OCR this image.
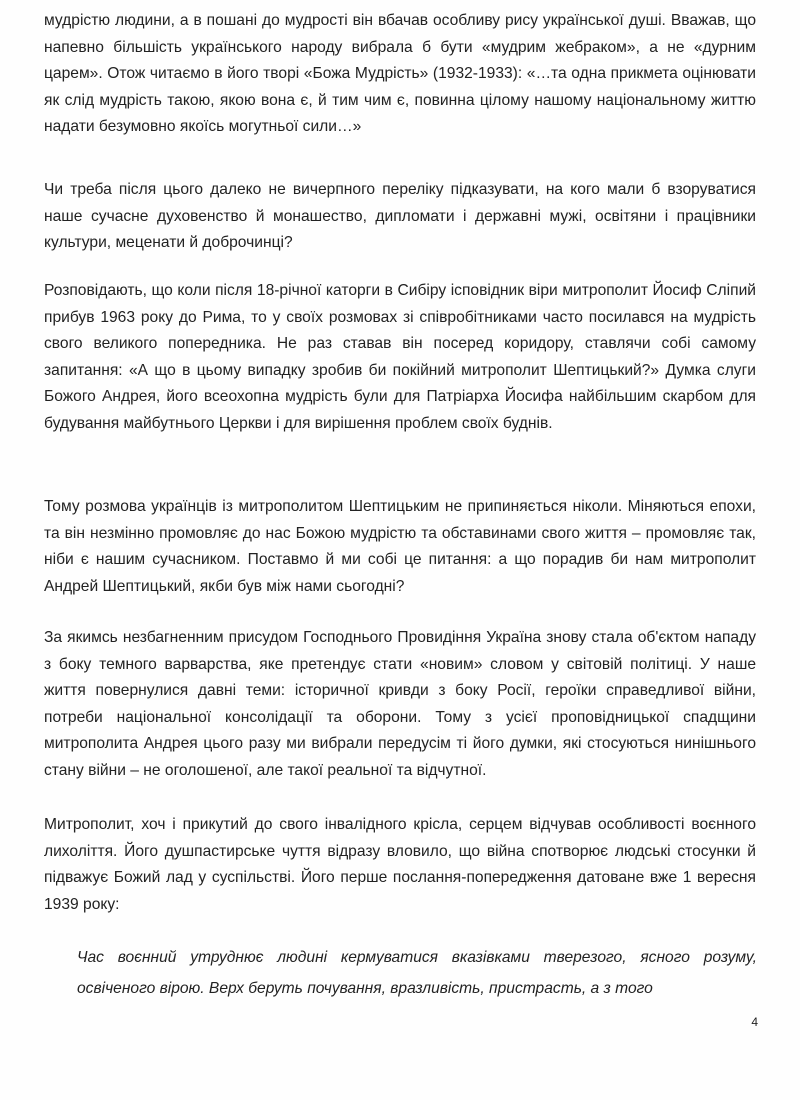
мудрістю людини, а в пошані до мудрості він вбачав особливу рису української душі. Вважав, що напевно більшість українського народу вибрала б бути «мудрим жебраком», а не «дурним царем». Отож читаємо в його творі «Божа Мудрість» (1932-1933): «…та одна прикмета оцінювати як слід мудрість такою, якою вона є, й тим чим є, повинна цілому нашому національному життю надати безумовно якоїсь могутньої сили…»

Чи треба після цього далеко не вичерпного переліку підказувати, на кого мали б взоруватися наше сучасне духовенство й монашество, дипломати і державні мужі, освітяни і працівники культури, меценати й доброчинці?

Розповідають, що коли після 18-річної каторги в Сибіру ісповідник віри митрополит Йосиф Сліпий прибув 1963 року до Рима, то у своїх розмовах зі співробітниками часто посилався на мудрість свого великого попередника. Не раз ставав він посеред коридору, ставлячи собі самому запитання: «А що в цьому випадку зробив би покійний митрополит Шептицький?» Думка слуги Божого Андрея, його всеохопна мудрість були для Патріарха Йосифа найбільшим скарбом для будування майбутнього Церкви і для вирішення проблем своїх буднів.

Тому розмова українців із митрополитом Шептицьким не припиняється ніколи. Міняються епохи, та він незмінно промовляє до нас Божою мудрістю та обставинами свого життя – промовляє так, ніби є нашим сучасником. Поставмо й ми собі це питання: а що порадив би нам митрополит Андрей Шептицький, якби був між нами сьогодні?

За якимсь незбагненним присудом Господнього Провидіння Україна знову стала об'єктом нападу з боку темного варварства, яке претендує стати «новим» словом у світовій політиці. У наше життя повернулися давні теми: історичної кривди з боку Росії, героїки справедливої війни, потреби національної консолідації та оборони. Тому з усієї проповідницької спадщини митрополита Андрея цього разу ми вибрали передусім ті його думки, які стосуються нинішнього стану війни – не оголошеної, але такої реальної та відчутної.

Митрополит, хоч і прикутий до свого інвалідного крісла, серцем відчував особливості воєнного лихоліття. Його душпастирське чуття відразу вловило, що війна спотворює людські стосунки й підважує Божий лад у суспільстві. Його перше послання-попередження датоване вже 1 вересня 1939 року:

Час воєнний утруднює людині кермуватися вказівками тверезого, ясного розуму, освіченого вірою. Верх беруть почування, вразливість, пристрасть, а з того

4
